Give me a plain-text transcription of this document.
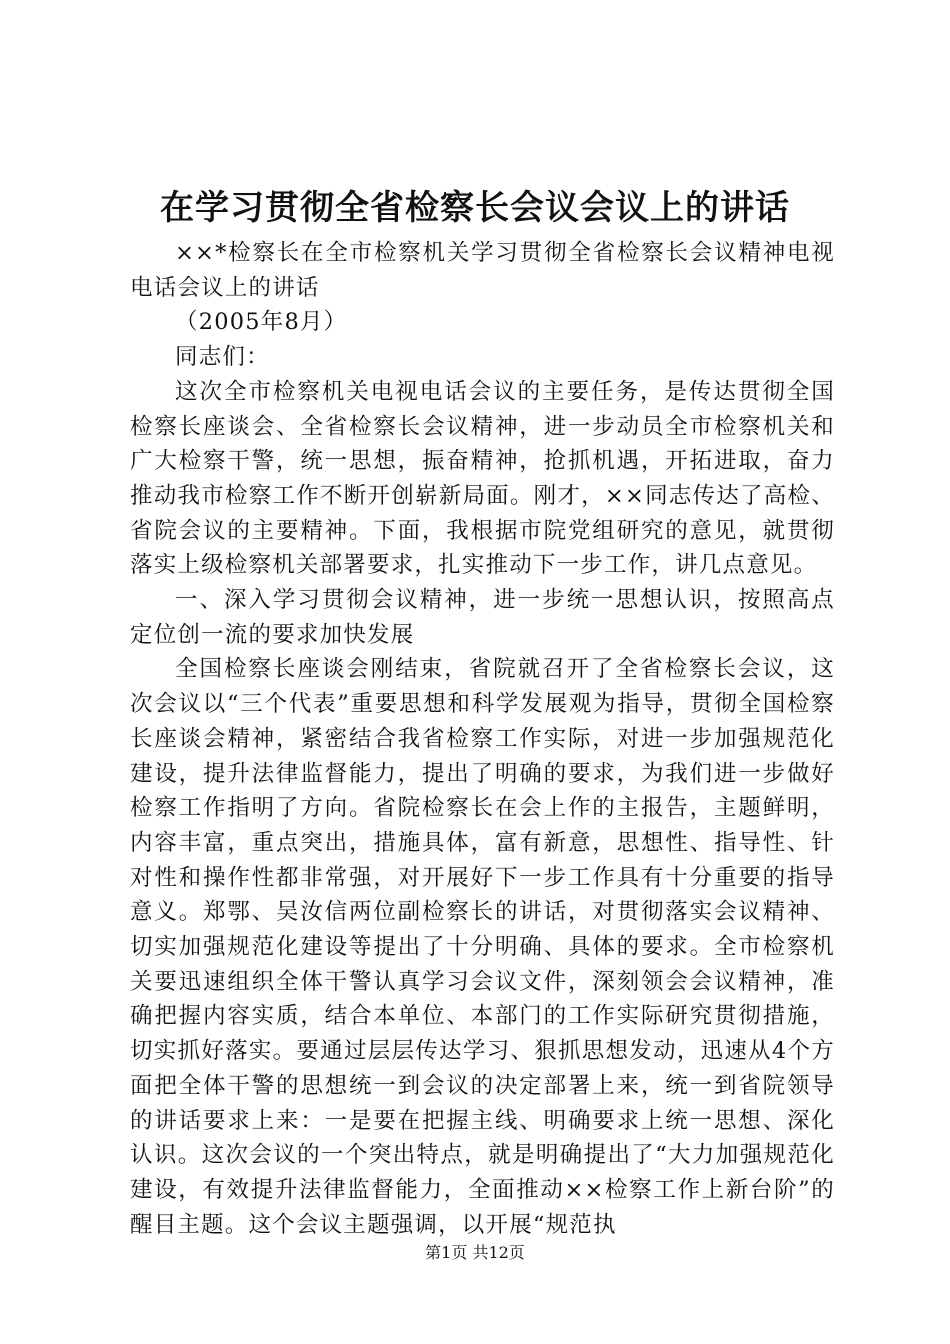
在学习贯彻全省检察长会议会议上的讲话

××*检察长在全市检察机关学习贯彻全省检察长会议精神电视电话会议上的讲话

（2005年8月）

同志们：

这次全市检察机关电视电话会议的主要任务，是传达贯彻全国检察长座谈会、全省检察长会议精神，进一步动员全市检察机关和广大检察干警，统一思想，振奋精神，抢抓机遇，开拓进取，奋力推动我市检察工作不断开创崭新局面。刚才，××同志传达了高检、省院会议的主要精神。下面，我根据市院党组研究的意见，就贯彻落实上级检察机关部署要求，扎实推动下一步工作，讲几点意见。

一、深入学习贯彻会议精神，进一步统一思想认识，按照高点定位创一流的要求加快发展

全国检察长座谈会刚结束，省院就召开了全省检察长会议，这次会议以“三个代表”重要思想和科学发展观为指导，贯彻全国检察长座谈会精神，紧密结合我省检察工作实际，对进一步加强规范化建设，提升法律监督能力，提出了明确的要求，为我们进一步做好检察工作指明了方向。省院检察长在会上作的主报告，主题鲜明，内容丰富，重点突出，措施具体，富有新意，思想性、指导性、针对性和操作性都非常强，对开展好下一步工作具有十分重要的指导意义。郑鄂、吴汝信两位副检察长的讲话，对贯彻落实会议精神、切实加强规范化建设等提出了十分明确、具体的要求。全市检察机关要迅速组织全体干警认真学习会议文件，深刻领会会议精神，准确把握内容实质，结合本单位、本部门的工作实际研究贯彻措施，切实抓好落实。要通过层层传达学习、狠抓思想发动，迅速从4个方面把全体干警的思想统一到会议的决定部署上来，统一到省院领导的讲话要求上来：一是要在把握主线、明确要求上统一思想、深化认识。这次会议的一个突出特点，就是明确提出了“大力加强规范化建设，有效提升法律监督能力，全面推动××检察工作上新台阶”的醒目主题。这个会议主题强调，以开展“规范执

第1页 共12页
